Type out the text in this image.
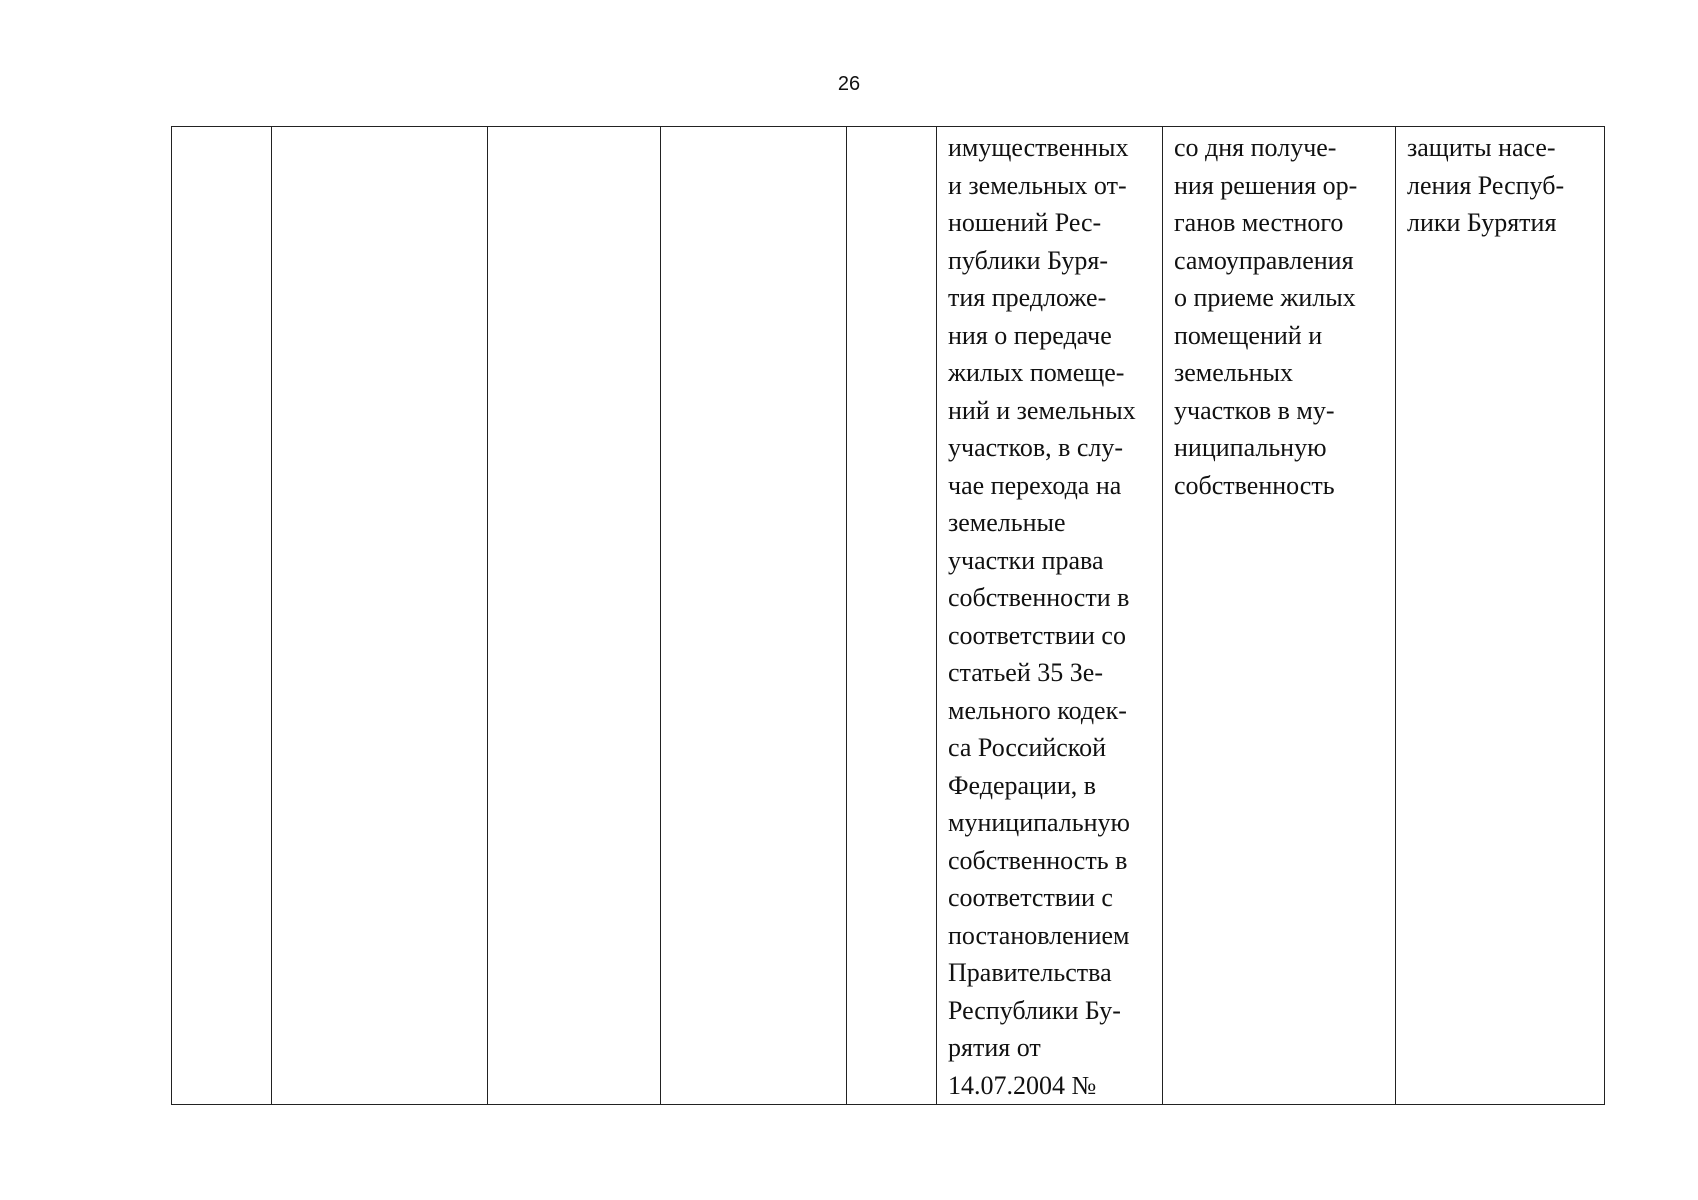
26

имущественных
и земельных от-
ношений Рес-
публики Буря-
тия предложе-
ния о передаче
жилых помеще-
ний и земельных
участков, в слу-
чае перехода на
земельные
участки права
собственности в
соответствии со
статьей 35 Зе-
мельного кодек-
са Российской
Федерации, в
муниципальную
собственность в
соответствии с
постановлением
Правительства
Республики Бу-
рятия от
14.07.2004 №

со дня получе-
ния решения ор-
ганов местного
самоуправления
о приеме жилых
помещений и
земельных
участков в му-
ниципальную
собственность

защиты насе-
ления Респуб-
лики Бурятия
